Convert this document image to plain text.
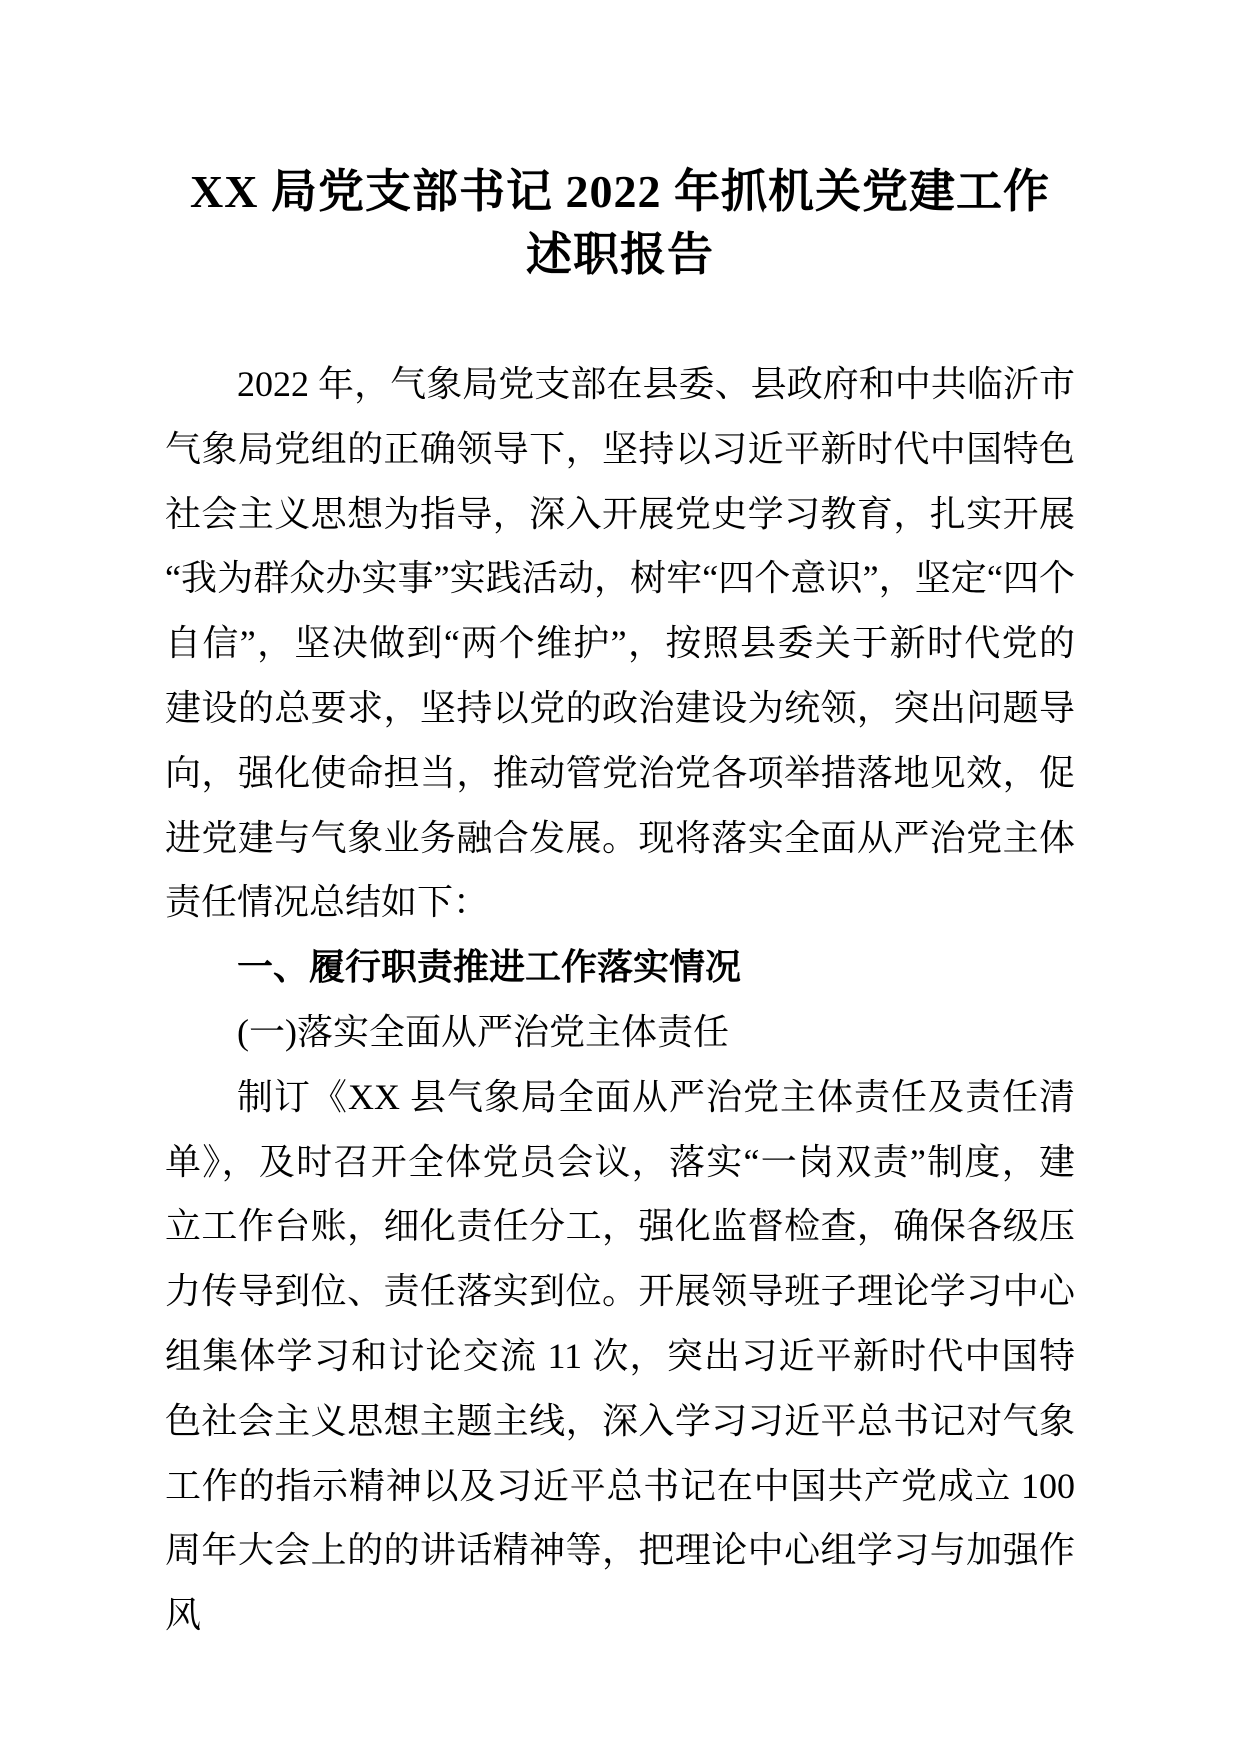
XX 局党支部书记 2022 年抓机关党建工作
述职报告

2022 年，气象局党支部在县委、县政府和中共临沂市气象局党组的正确领导下，坚持以习近平新时代中国特色社会主义思想为指导，深入开展党史学习教育，扎实开展“我为群众办实事”实践活动，树牢“四个意识”，坚定“四个自信”，坚决做到“两个维护”，按照县委关于新时代党的建设的总要求，坚持以党的政治建设为统领，突出问题导向，强化使命担当，推动管党治党各项举措落地见效，促进党建与气象业务融合发展。现将落实全面从严治党主体责任情况总结如下：

一、履行职责推进工作落实情况

(一)落实全面从严治党主体责任

制订《XX 县气象局全面从严治党主体责任及责任清单》，及时召开全体党员会议，落实“一岗双责”制度，建立工作台账，细化责任分工，强化监督检查，确保各级压力传导到位、责任落实到位。开展领导班子理论学习中心组集体学习和讨论交流 11 次，突出习近平新时代中国特色社会主义思想主题主线，深入学习习近平总书记对气象工作的指示精神以及习近平总书记在中国共产党成立 100 周年大会上的的讲话精神等，把理论中心组学习与加强作风
